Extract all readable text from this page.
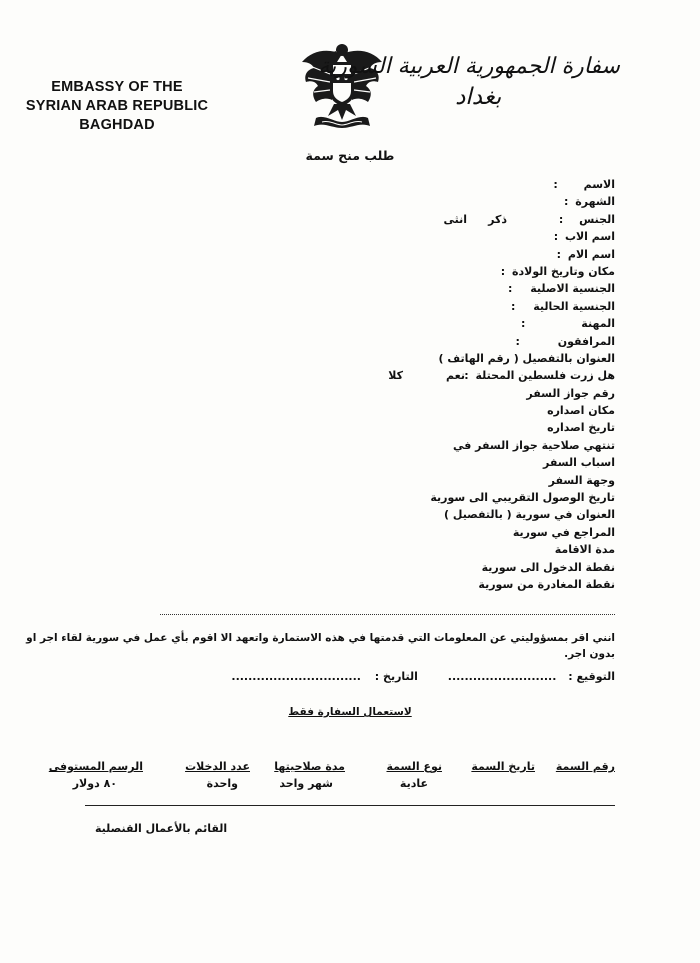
EMBASSY OF THE
SYRIAN ARAB REPUBLIC
BAGHDAD
سفارة الجمهورية العربية السورية
بغداد
طلب منح سمة
الاسم :
الشهرة :
الجنس :
ذكر
انثى
اسم الاب :
اسم الام :
مكان وتاريخ الولادة :
الجنسية الاصلية :
الجنسية الحالية :
المهنة :
المرافقون :
العنوان بالتفصيل ( رقم الهاتف )
هل زرت فلسطين المحتلة :
نعم
كلا
رقم جواز السفر
مكان اصداره
تاريخ اصداره
تنتهي صلاحية جواز السفر في
اسباب السفر
وجهة السفر
تاريخ الوصول التقريبي الى سورية
العنوان في سورية ( بالتفصيل )
المراجع في سورية
مدة الاقامة
نقطة الدخول الى سورية
نقطة المغادرة من سورية
انني اقر بمسؤوليتي عن المعلومات التي قدمتها في هذه الاستمارة واتعهد الا اقوم بأي عمل في سورية لقاء اجر او بدون اجر.
التوقيع : .......................... التاريخ : ...............................
لاستعمال السفارة فقط
رقم السمة
تاريخ السمة
نوع السمة
مدة صلاحيتها
عدد الدخلات
الرسم المستوفى
عادية
شهر واحد
واحدة
٨٠ دولار
القائم بالأعمال القنصلية
